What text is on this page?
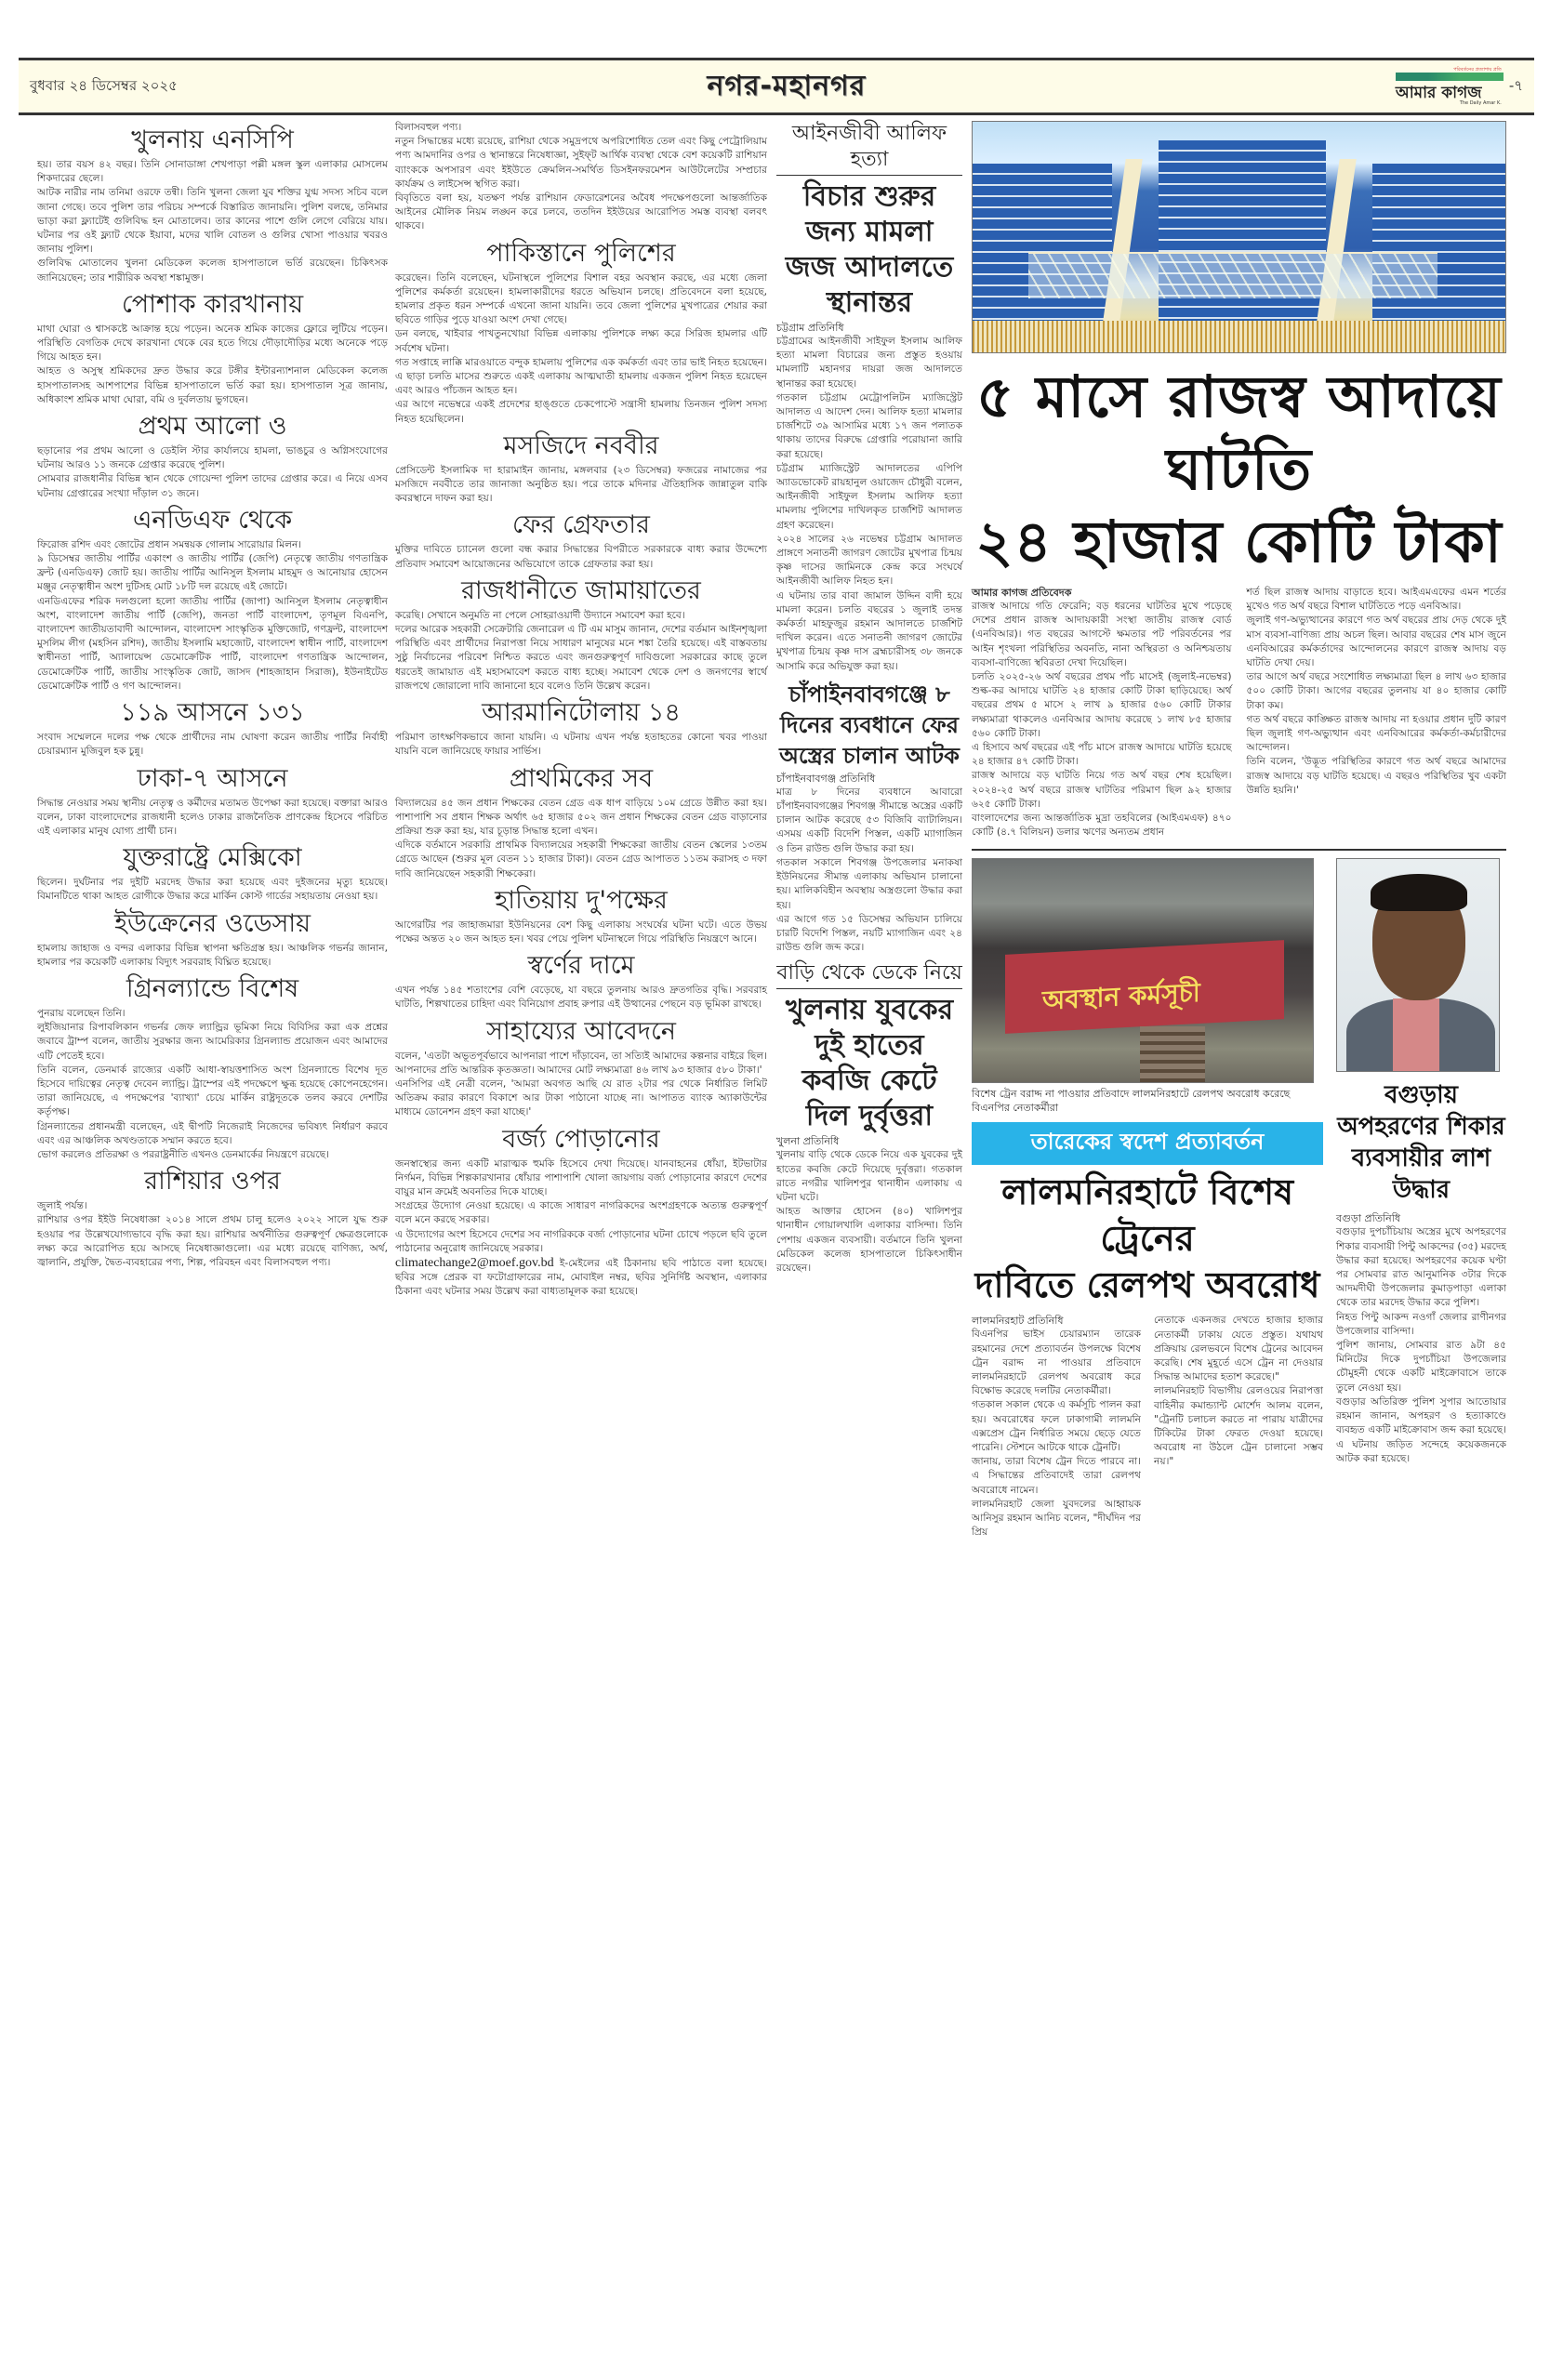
বুধবার ২৪ ডিসেম্বর ২০২৫	নগর-মহানগর	পরিবর্তনের প্রত্যাশায় প্রতি
আমার কাগজ
The Daily Amar K.
-৭
খুলনায় এনসিপি

হয়। তার বয়স ৪২ বছর। তিনি সোনাডাঙ্গা শেখপাড়া পল্লী মঙ্গল স্কুল এলাকার মোসলেম শিকদারের ছেলে।

আটক নারীর নাম তনিমা ওরফে তন্বী। তিনি খুলনা জেলা যুব শক্তির যুগ্ম সদস্য সচিব বলে জানা গেছে। তবে পুলিশ তার পরিচয় সম্পর্কে বিস্তারিত জানায়নি। পুলিশ বলছে, তনিমার ভাড়া করা ফ্ল্যাটেই গুলিবিদ্ধ হন মোতালেব। তার কানের পাশে গুলি লেগে বেরিয়ে যায়। ঘটনার পর ওই ফ্ল্যাট থেকে ইয়াবা, মদের খালি বোতল ও গুলির খোসা পাওয়ার খবরও জানায় পুলিশ।

গুলিবিদ্ধ মোতালেব খুলনা মেডিকেল কলেজ হাসপাতালে ভর্তি রয়েছেন। চিকিৎসক জানিয়েছেন; তার শারীরিক অবস্থা শঙ্কামুক্ত।

পোশাক কারখানায়

মাথা ঘোরা ও শ্বাসকষ্টে আক্রান্ত হয়ে পড়েন। অনেক শ্রমিক কাজের ফ্লোরে লুটিয়ে পড়েন। পরিস্থিতি বেগতিক দেখে কারখানা থেকে বের হতে গিয়ে দৌড়াদৌড়ির মধ্যে অনেকে পড়ে গিয়ে আহত হন।

আহত ও অসুস্থ শ্রমিকদের দ্রুত উদ্ধার করে টঙ্গীর ইন্টারন্যাশনাল মেডিকেল কলেজ হাসপাতালসহ আশপাশের বিভিন্ন হাসপাতালে ভর্তি করা হয়। হাসপাতাল সূত্র জানায়, অধিকাংশ শ্রমিক মাথা ঘোরা, বমি ও দুর্বলতায় ভুগছেন।

প্রথম আলো ও

ছড়ানোর পর প্রথম আলো ও ডেইলি স্টার কার্যালয়ে হামলা, ভাঙচুর ও অগ্নিসংযোগের ঘটনায় আরও ১১ জনকে গ্রেপ্তার করেছে পুলিশ।

সোমবার রাজধানীর বিভিন্ন স্থান থেকে গোয়েন্দা পুলিশ তাদের গ্রেপ্তার করে। এ নিয়ে এসব ঘটনায় গ্রেপ্তারের সংখ্যা দাঁড়াল ৩১ জনে।

এনডিএফ থেকে

ফিরোজ রশিদ এবং জোটের প্রধান সমন্বয়ক গোলাম সারোয়ার মিলন।

৯ ডিসেম্বর জাতীয় পার্টির একাংশ ও জাতীয় পার্টির (জেপি) নেতৃত্বে জাতীয় গণতান্ত্রিক ফ্রন্ট (এনডিএফ) জোট হয়। জাতীয় পার্টির আনিসুল ইসলাম মাহমুদ ও আনোয়ার হোসেন মঞ্জুর নেতৃত্বাধীন অংশ দুটিসহ মোট ১৮টি দল রয়েছে এই জোটে।

এনডিএফের শরিক দলগুলো হলো জাতীয় পার্টির (জাপা) আনিসুল ইসলাম নেতৃত্বাধীন অংশ, বাংলাদেশ জাতীয় পার্টি (জেপি), জনতা পার্টি বাংলাদেশ, তৃণমূল বিএনপি, বাংলাদেশ জাতীয়তাবাদী আন্দোলন, বাংলাদেশ সাংস্কৃতিক মুক্তিজোট, গণফ্রন্ট, বাংলাদেশ মুসলিম লীগ (মহসিন রশিদ), জাতীয় ইসলামি মহাজোট, বাংলাদেশ স্বাধীন পার্টি, বাংলাদেশ স্বাধীনতা পার্টি, অ্যালায়েন্স ডেমোক্রেটিক পার্টি, বাংলাদেশ গণতান্ত্রিক আন্দোলন, ডেমোক্রেটিক পার্টি, জাতীয় সাংস্কৃতিক জোট, জাসদ (শাহজাহান সিরাজ), ইউনাইটেড ডেমোক্রেটিক পার্টি ও গণ আন্দোলন।

১১৯ আসনে ১৩১

সংবাদ সম্মেলনে দলের পক্ষ থেকে প্রার্থীদের নাম ঘোষণা করেন জাতীয় পার্টির নির্বাহী চেয়ারম্যান মুজিবুল হক চুন্নু।

ঢাকা-৭ আসনে

সিদ্ধান্ত নেওয়ার সময় স্থানীয় নেতৃত্ব ও কর্মীদের মতামত উপেক্ষা করা হয়েছে। বক্তারা আরও বলেন, ঢাকা বাংলাদেশের রাজধানী হলেও ঢাকার রাজনৈতিক প্রাণকেন্দ্র হিসেবে পরিচিত এই এলাকার মানুষ যোগ্য প্রার্থী চান।

যুক্তরাষ্ট্রে মেক্সিকো

ছিলেন। দুর্ঘটনার পর দুইটি মরদেহ উদ্ধার করা হয়েছে এবং দুইজনের মৃত্যু হয়েছে। বিমানটিতে থাকা আহত রোগীকে উদ্ধার করে মার্কিন কোস্ট গার্ডের সহায়তায় নেওয়া হয়।

ইউক্রেনের ওডেসায়

হামলায় জাহাজ ও বন্দর এলাকার বিভিন্ন স্থাপনা ক্ষতিগ্রস্ত হয়। আঞ্চলিক গভর্নর জানান, হামলার পর কয়েকটি এলাকায় বিদ্যুৎ সরবরাহ বিঘ্নিত হয়েছে।

গ্রিনল্যান্ডে বিশেষ

পুনরায় বলেছেন তিনি।

লুইজিয়ানার রিপাবলিকান গভর্নর জেফ ল্যান্ড্রির ভূমিকা নিয়ে বিবিসির করা এক প্রশ্নের জবাবে ট্রাম্প বলেন, জাতীয় সুরক্ষার জন্য আমেরিকার গ্রিনল্যান্ড প্রয়োজন এবং আমাদের এটি পেতেই হবে।

তিনি বলেন, ডেনমার্ক রাজ্যের একটি আধা-স্বায়ত্তশাসিত অংশ গ্রিনল্যান্ডে বিশেষ দূত হিসেবে দায়িত্বের নেতৃত্ব দেবেন ল্যান্ড্রি। ট্রাম্পের এই পদক্ষেপে ক্ষুব্ধ হয়েছে কোপেনহেগেন। তারা জানিয়েছে, এ পদক্ষেপের 'ব্যাখ্যা' চেয়ে মার্কিন রাষ্ট্রদূতকে তলব করবে দেশটির কর্তৃপক্ষ।

গ্রিনল্যান্ডের প্রধানমন্ত্রী বলেছেন, এই দ্বীপটি নিজেরাই নিজেদের ভবিষ্যৎ নির্ধারণ করবে এবং এর আঞ্চলিক অখণ্ডতাকে সম্মান করতে হবে।

ভোগ করলেও প্রতিরক্ষা ও পররাষ্ট্রনীতি এখনও ডেনমার্কের নিয়ন্ত্রণে রয়েছে।

রাশিয়ার ওপর

জুলাই পর্যন্ত।

রাশিয়ার ওপর ইইউ নিষেধাজ্ঞা ২০১৪ সালে প্রথম চালু হলেও ২০২২ সালে যুদ্ধ শুরু হওয়ার পর উল্লেখযোগ্যভাবে বৃদ্ধি করা হয়। রাশিয়ার অর্থনীতির গুরুত্বপূর্ণ ক্ষেত্রগুলোকে লক্ষ্য করে আরোপিত হয়ে আসছে নিষেধাজ্ঞাগুলো। এর মধ্যে রয়েছে বাণিজ্য, অর্থ, জ্বালানি, প্রযুক্তি, দ্বৈত-ব্যবহারের পণ্য, শিল্প, পরিবহন এবং বিলাসবহুল পণ্য।

বিলাসবহুল পণ্য।

নতুন সিদ্ধান্তের মধ্যে রয়েছে, রাশিয়া থেকে সমুদ্রপথে অপরিশোধিত তেল এবং কিছু পেট্রোলিয়াম পণ্য আমদানির ওপর ও স্থানান্তরে নিষেধাজ্ঞা, সুইফ্‌ট আর্থিক ব্যবস্থা থেকে বেশ কয়েকটি রাশিয়ান ব্যাংককে অপসারণ এবং ইইউতে ক্রেমলিন-সমর্থিত ডিসইনফরমেশন আউটলেটের সম্প্রচার কার্যক্রম ও লাইসেন্স স্থগিত করা।

বিবৃতিতে বলা হয়, যতক্ষণ পর্যন্ত রাশিয়ান ফেডারেশনের অবৈধ পদক্ষেপগুলো আন্তর্জাতিক আইনের মৌলিক নিয়ম লঙ্ঘন করে চলবে, ততদিন ইইউয়ের আরোপিত সমস্ত ব্যবস্থা বলবৎ থাকবে।

পাকিস্তানে পুলিশের

করেছেন। তিনি বলেছেন, ঘটনাস্থলে পুলিশের বিশাল বহর অবস্থান করছে, এর মধ্যে জেলা পুলিশের কর্মকর্তা রয়েছেন। হামলাকারীদের ধরতে অভিযান চলছে। প্রতিবেদনে বলা হয়েছে, হামলার প্রকৃত ধরন সম্পর্কে এখনো জানা যায়নি। তবে জেলা পুলিশের মুখপাত্রের শেয়ার করা ছবিতে গাড়ির পুড়ে যাওয়া অংশ দেখা গেছে।

ডন বলছে, খাইবার পাখতুনখোয়া বিভিন্ন এলাকায় পুলিশকে লক্ষ্য করে সিরিজ হামলার এটি সর্বশেষ ঘটনা।

গত সপ্তাহে লাক্কি মারওয়াতে বন্দুক হামলায় পুলিশের এক কর্মকর্তা এবং তার ভাই নিহত হয়েছেন। এ ছাড়া চলতি মাসের শুরুতে একই এলাকায় আত্মঘাতী হামলায় একজন পুলিশ নিহত হয়েছেন এবং আরও পাঁচজন আহত হন।

এর আগে নভেম্বরে একই প্রদেশের হাঙ্গুতে চেকপোস্টে সন্ত্রাসী হামলায় তিনজন পুলিশ সদস্য নিহত হয়েছিলেন।

মসজিদে নববীর

প্রেসিডেন্ট ইসলামিক দা হারামাইন জানায়, মঙ্গলবার (২৩ ডিসেম্বর) ফজরের নামাজের পর মসজিদে নববীতে তার জানাজা অনুষ্ঠিত হয়। পরে তাকে মদিনার ঐতিহাসিক জান্নাতুল বাকি কবরস্থানে দাফন করা হয়।

ফের গ্রেফতার

মুক্তির দাবিতে চ্যানেল গুলো বন্ধ করার সিদ্ধান্তের বিপরীতে সরকারকে বাধ্য করার উদ্দেশ্যে প্রতিবাদ সমাবেশ আয়োজনের অভিযোগে তাকে গ্রেফতার করা হয়।

রাজধানীতে জামায়াতের

করেছি। সেখানে অনুমতি না পেলে সোহরাওয়ার্দী উদ্যানে সমাবেশ করা হবে।

দলের আরেক সহকারী সেক্রেটারি জেনারেল এ টি এম মাসুম জানান, দেশের বর্তমান আইনশৃঙ্খলা পরিস্থিতি এবং প্রার্থীদের নিরাপত্তা নিয়ে সাধারণ মানুষের মনে শঙ্কা তৈরি হয়েছে। এই বাস্তবতায় সুষ্ঠু নির্বাচনের পরিবেশ নিশ্চিত করতে এবং জনগুরুত্বপূর্ণ দাবিগুলো সরকারের কাছে তুলে ধরতেই জামায়াত এই মহাসমাবেশ করতে বাধ্য হচ্ছে। সমাবেশ থেকে দেশ ও জনগণের স্বার্থে রাজপথে জোরালো দাবি জানানো হবে বলেও তিনি উল্লেখ করেন।

আরমানিটোলায় ১৪

পরিমাণ তাৎক্ষণিকভাবে জানা যায়নি। এ ঘটনায় এখন পর্যন্ত হতাহতের কোনো খবর পাওয়া যায়নি বলে জানিয়েছে ফায়ার সার্ভিস।

প্রাথমিকের সব

বিদ্যালয়ের ৪৫ জন প্রধান শিক্ষকের বেতন গ্রেড এক ধাপ বাড়িয়ে ১০ম গ্রেডে উন্নীত করা হয়। পাশাপাশি সব প্রধান শিক্ষক অর্থাৎ ৬৫ হাজার ৫০২ জন প্রধান শিক্ষকের বেতন গ্রেড বাড়ানোর প্রক্রিয়া শুরু করা হয়, যার চূড়ান্ত সিদ্ধান্ত হলো এখন।

এদিকে বর্তমানে সরকারি প্রাথমিক বিদ্যালয়ের সহকারী শিক্ষকেরা জাতীয় বেতন স্কেলের ১৩তম গ্রেডে আছেন (শুরুর মূল বেতন ১১ হাজার টাকা)। বেতন গ্রেড আপাতত ১১তম করাসহ ৩ দফা দাবি জানিয়েছেন সহকারী শিক্ষকেরা।

হাতিয়ায় দু'পক্ষের

আগেরটির পর জাহাজমারা ইউনিয়নের বেশ কিছু এলাকায় সংঘর্ষের ঘটনা ঘটে। এতে উভয় পক্ষের অন্তত ২০ জন আহত হন। খবর পেয়ে পুলিশ ঘটনাস্থলে গিয়ে পরিস্থিতি নিয়ন্ত্রণে আনে।

স্বর্ণের দামে

এখন পর্যন্ত ১৪৫ শতাংশের বেশি বেড়েছে, যা বছরে তুলনায় আরও দ্রুতগতির বৃদ্ধি। সরবরাহ ঘাটতি, শিল্পখাতের চাহিদা এবং বিনিয়োগ প্রবাহ রুপার এই উত্থানের পেছনে বড় ভূমিকা রাখছে।

সাহায্যের আবেদনে

বলেন, 'এতটা অভূতপূর্বভাবে আপনারা পাশে দাঁড়াবেন, তা সত্যিই আমাদের কল্পনার বাইরে ছিল। আপনাদের প্রতি আন্তরিক কৃতজ্ঞতা। আমাদের মোট লক্ষ্যমাত্রা ৪৬ লাখ ৯৩ হাজার ৫৮০ টাকা।'

এনসিপির এই নেত্রী বলেন, 'আমরা অবগত আছি যে রাত ২টার পর থেকে নির্ধারিত লিমিট অতিক্রম করার কারণে বিকাশে আর টাকা পাঠানো যাচ্ছে না। আপাতত ব্যাংক অ্যাকাউন্টের মাধ্যমে ডোনেশন গ্রহণ করা যাচ্ছে।'

বর্জ্য পোড়ানোর

জনস্বাস্থ্যের জন্য একটি মারাত্মক হুমকি হিসেবে দেখা দিয়েছে। যানবাহনের ধোঁয়া, ইটভাটার নির্গমন, বিভিন্ন শিল্পকারখানার ধোঁয়ার পাশাপাশি খোলা জায়গায় বর্জ্য পোড়ানোর কারণে দেশের বায়ুর মান ক্রমেই অবনতির দিকে যাচ্ছে।

সংগ্রহের উদ্যোগ নেওয়া হয়েছে। এ কাজে সাধারণ নাগরিকদের অংশগ্রহণকে অত্যন্ত গুরুত্বপূর্ণ বলে মনে করছে সরকার।

এ উদ্যোগের অংশ হিসেবে দেশের সব নাগরিককে বর্জ্য পোড়ানোর ঘটনা চোখে পড়লে ছবি তুলে পাঠানোর অনুরোধ জানিয়েছে সরকার।

climatechange2@moef.gov.bd ই-মেইলের এই ঠিকানায় ছবি পাঠাতে বলা হয়েছে। ছবির সঙ্গে প্রেরক বা ফটোগ্রাফারের নাম, মোবাইল নম্বর, ছবির সুনির্দিষ্ট অবস্থান, এলাকার ঠিকানা এবং ঘটনার সময় উল্লেখ করা বাধ্যতামূলক করা হয়েছে।

আইনজীবী আলিফ হত্যা
বিচার শুরুর জন্য মামলা জজ আদালতে স্থানান্তর
চট্টগ্রাম প্রতিনিধি

চট্টগ্রামের আইনজীবী সাইফুল ইসলাম আলিফ হত্যা মামলা বিচারের জন্য প্রস্তুত হওয়ায় মামলাটি মহানগর দায়রা জজ আদালতে স্থানান্তর করা হয়েছে।

গতকাল চট্টগ্রাম মেট্রোপলিটন ম্যাজিস্ট্রেট আদালত এ আদেশ দেন। আলিফ হত্যা মামলার চার্জশিটে ৩৯ আসামির মধ্যে ১৭ জন পলাতক থাকায় তাদের বিরুদ্ধে গ্রেপ্তারি পরোয়ানা জারি করা হয়েছে।

চট্টগ্রাম ম্যাজিস্ট্রেট আদালতের এপিপি অ্যাডভোকেট রায়হানুল ওয়াজেদ চৌধুরী বলেন, আইনজীবী সাইফুল ইসলাম আলিফ হত্যা মামলায় পুলিশের দাখিলকৃত চার্জশিট আদালত গ্রহণ করেছেন।

২০২৪ সালের ২৬ নভেম্বর চট্টগ্রাম আদালত প্রাঙ্গণে সনাতনী জাগরণ জোটের মুখপাত্র চিন্ময় কৃষ্ণ দাসের জামিনকে কেন্দ্র করে সংঘর্ষে আইনজীবী আলিফ নিহত হন।

এ ঘটনায় তার বাবা জামাল উদ্দিন বাদী হয়ে মামলা করেন। চলতি বছরের ১ জুলাই তদন্ত কর্মকর্তা মাহফুজুর রহমান আদালতে চার্জশিট দাখিল করেন। এতে সনাতনী জাগরণ জোটের মুখপাত্র চিন্ময় কৃষ্ণ দাস ব্রহ্মচারীসহ ৩৮ জনকে আসামি করে অভিযুক্ত করা হয়।

চাঁপাইনবাবগঞ্জে ৮ দিনের ব্যবধানে ফের অস্ত্রের চালান আটক
চাঁপাইনবাবগঞ্জ প্রতিনিধি

মাত্র ৮ দিনের ব্যবধানে আবারো চাঁপাইনবাবগঞ্জের শিবগঞ্জ সীমান্তে অস্ত্রের একটি চালান আটক করেছে ৫৩ বিজিবি ব্যাটালিয়ন। এসময় একটি বিদেশি পিস্তল, একটি ম্যাগাজিন ও তিন রাউন্ড গুলি উদ্ধার করা হয়।

গতকাল সকালে শিবগঞ্জ উপজেলার মনাকষা ইউনিয়নের সীমান্ত এলাকায় অভিযান চালানো হয়। মালিকবিহীন অবস্থায় অস্ত্রগুলো উদ্ধার করা হয়।

এর আগে গত ১৫ ডিসেম্বর অভিযান চালিয়ে চারটি বিদেশি পিস্তল, নয়টি ম্যাগাজিন এবং ২৪ রাউন্ড গুলি জব্দ করে।

বাড়ি থেকে ডেকে নিয়ে
খুলনায় যুবকের দুই হাতের কবজি কেটে দিল দুর্বৃত্তরা
খুলনা প্রতিনিধি

খুলনায় বাড়ি থেকে ডেকে নিয়ে এক যুবকের দুই হাতের কবজি কেটে দিয়েছে দুর্বৃত্তরা। গতকাল রাতে নগরীর খালিশপুর থানাধীন এলাকায় এ ঘটনা ঘটে।

আহত আক্তার হোসেন (৪০) খালিশপুর থানাধীন গোয়ালখালি এলাকার বাসিন্দা। তিনি পেশায় একজন ব্যবসায়ী। বর্তমানে তিনি খুলনা মেডিকেল কলেজ হাসপাতালে চিকিৎসাধীন রয়েছেন।

৫ মাসে রাজস্ব আদায়ে ঘাটতি
২৪ হাজার কোটি টাকা
আমার কাগজ প্রতিবেদক

রাজস্ব আদায়ে গতি ফেরেনি; বড় ধরনের ঘাটতির মুখে পড়েছে দেশের প্রধান রাজস্ব আদায়কারী সংস্থা জাতীয় রাজস্ব বোর্ড (এনবিআর)। গত বছরের আগস্টে ক্ষমতার পট পরিবর্তনের পর আইন শৃংখলা পরিস্থিতির অবনতি, নানা অস্থিরতা ও অনিশ্চয়তায় ব্যবসা-বাণিজ্যে স্থবিরতা দেখা দিয়েছিল।

চলতি ২০২৫-২৬ অর্থ বছরের প্রথম পাঁচ মাসেই (জুলাই-নভেম্বর) শুল্ক-কর আদায়ে ঘাটতি ২৪ হাজার কোটি টাকা ছাড়িয়েছে। অর্থ বছরের প্রথম ৫ মাসে ২ লাখ ৯ হাজার ৫৬০ কোটি টাকার লক্ষ্যমাত্রা থাকলেও এনবিআর আদায় করেছে ১ লাখ ৮৫ হাজার ৫৬০ কোটি টাকা।

এ হিসাবে অর্থ বছরের এই পাঁচ মাসে রাজস্ব আদায়ে ঘাটতি হয়েছে ২৪ হাজার ৪৭ কোটি টাকা।

রাজস্ব আদায়ে বড় ঘাটতি নিয়ে গত অর্থ বছর শেষ হয়েছিল। ২০২৪-২৫ অর্থ বছরে রাজস্ব ঘাটতির পরিমাণ ছিল ৯২ হাজার ৬২৫ কোটি টাকা।

বাংলাদেশের জন্য আন্তর্জাতিক মুদ্রা তহবিলের (আইএমএফ) ৪৭০ কোটি (৪.৭ বিলিয়ন) ডলার ঋণের অন্যতম প্রধান

শর্ত ছিল রাজস্ব আদায় বাড়াতে হবে। আইএমএফের এমন শর্তের মুখেও গত অর্থ বছরে বিশাল ঘাটতিতে পড়ে এনবিআর।

জুলাই গণ-অভ্যুত্থানের কারণে গত অর্থ বছরের প্রায় দেড় থেকে দুই মাস ব্যবসা-বাণিজ্য প্রায় অচল ছিল। আবার বছরের শেষ মাস জুনে এনবিআরের কর্মকর্তাদের আন্দোলনের কারণে রাজস্ব আদায় বড় ঘাটতি দেখা দেয়।

তার আগে অর্থ বছরে সংশোধিত লক্ষ্যমাত্রা ছিল ৪ লাখ ৬৩ হাজার ৫০০ কোটি টাকা। আগের বছরের তুলনায় যা ৪০ হাজার কোটি টাকা কম।

গত অর্থ বছরে কাঙ্ক্ষিত রাজস্ব আদায় না হওয়ার প্রধান দুটি কারণ ছিল জুলাই গণ-অভ্যুত্থান এবং এনবিআরের কর্মকর্তা-কর্মচারীদের আন্দোলন।

তিনি বলেন, 'উদ্ভূত পরিস্থিতির কারণে গত অর্থ বছরে আমাদের রাজস্ব আদায়ে বড় ঘাটতি হয়েছে। এ বছরও পরিস্থিতির খুব একটা উন্নতি হয়নি।'

অবস্থান কর্মসূচী
বিশেষ ট্রেন বরাদ্দ না পাওয়ার প্রতিবাদে লালমনিরহাটে রেলপথ অবরোধ করেছে বিএনপির নেতাকর্মীরা
তারেকের স্বদেশ প্রত্যাবর্তন
লালমনিরহাটে বিশেষ ট্রেনের
দাবিতে রেলপথ অবরোধ
লালমনিরহাট প্রতিনিধি

বিএনপির ভাইস চেয়ারম্যান তারেক রহমানের দেশে প্রত্যাবর্তন উপলক্ষে বিশেষ ট্রেন বরাদ্দ না পাওয়ার প্রতিবাদে লালমনিরহাটে রেলপথ অবরোধ করে বিক্ষোভ করেছে দলটির নেতাকর্মীরা।

গতকাল সকাল থেকে এ কর্মসূচি পালন করা হয়। অবরোধের ফলে ঢাকাগামী লালমনি এক্সপ্রেস ট্রেন নির্ধারিত সময়ে ছেড়ে যেতে পারেনি। স্টেশনে আটকে থাকে ট্রেনটি।

জানায়, তারা বিশেষ ট্রেন দিতে পারবে না। এ সিদ্ধান্তের প্রতিবাদেই তারা রেলপথ অবরোধে নামেন।

লালমনিরহাট জেলা যুবদলের আহ্বায়ক আনিসুর রহমান আনিচ বলেন, "দীর্ঘদিন পর প্রিয়

নেতাকে একনজর দেখতে হাজার হাজার নেতাকর্মী ঢাকায় যেতে প্রস্তুত। যথাযথ প্রক্রিয়ায় রেলভবনে বিশেষ ট্রেনের আবেদন করেছি। শেষ মুহূর্তে এসে ট্রেন না দেওয়ার সিদ্ধান্ত আমাদের হতাশ করেছে।"

লালমনিরহাট বিভাগীয় রেলওয়ের নিরাপত্তা বাহিনীর কমান্ড্যান্ট মোর্শেদ আলম বলেন, "ট্রেনটি চলাচল করতে না পারায় যাত্রীদের টিকিটের টাকা ফেরত দেওয়া হয়েছে। অবরোধ না উঠলে ট্রেন চালানো সম্ভব নয়।"

বগুড়ায় অপহরণের শিকার ব্যবসায়ীর লাশ উদ্ধার
বগুড়া প্রতিনিধি

বগুড়ার দুপচাঁচিয়ায় অস্ত্রের মুখে অপহরণের শিকার ব্যবসায়ী পিন্টু আকন্দের (৩৫) মরদেহ উদ্ধার করা হয়েছে। অপহরণের কয়েক ঘণ্টা পর সোমবার রাত আনুমানিক ৩টার দিকে আদমদীঘী উপজেলার কুমাড়পাড়া এলাকা থেকে তার মরদেহ উদ্ধার করে পুলিশ।

নিহত পিন্টু আকন্দ নওগাঁ জেলার রাণীনগর উপজেলার বাসিন্দা।

পুলিশ জানায়, সোমবার রাত ৯টা ৪৫ মিনিটের দিকে দুপচাঁচিয়া উপজেলার চৌমুহনী থেকে একটি মাইক্রোবাসে তাকে তুলে নেওয়া হয়।

বগুড়ার অতিরিক্ত পুলিশ সুপার আতোয়ার রহমান জানান, অপহরণ ও হত্যাকাণ্ডে ব্যবহৃত একটি মাইক্রোবাস জব্দ করা হয়েছে। এ ঘটনায় জড়িত সন্দেহে কয়েকজনকে আটক করা হয়েছে।
